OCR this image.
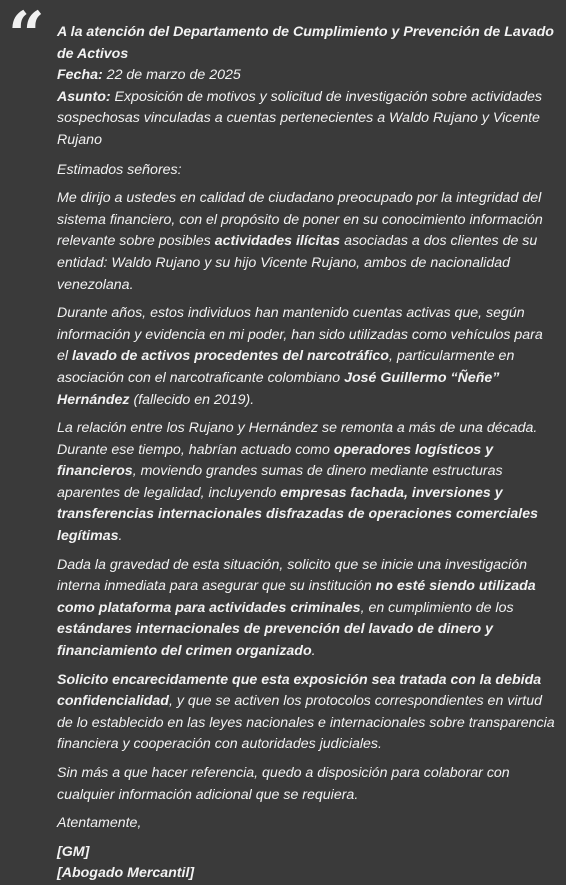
“ A la atención del Departamento de Cumplimiento y Prevención de Lavado de Activos

Fecha: 22 de marzo de 2025

Asunto: Exposición de motivos y solicitud de investigación sobre actividades sospechosas vinculadas a cuentas pertenecientes a Waldo Rujano y Vicente Rujano

Estimados señores:

Me dirijo a ustedes en calidad de ciudadano preocupado por la integridad del sistema financiero, con el propósito de poner en su conocimiento información relevante sobre posibles actividades ilícitas asociadas a dos clientes de su entidad: Waldo Rujano y su hijo Vicente Rujano, ambos de nacionalidad venezolana.

Durante años, estos individuos han mantenido cuentas activas que, según información y evidencia en mi poder, han sido utilizadas como vehículos para el lavado de activos procedentes del narcotráfico, particularmente en asociación con el narcotraficante colombiano José Guillermo “Ñeñe” Hernández (fallecido en 2019).

La relación entre los Rujano y Hernández se remonta a más de una década. Durante ese tiempo, habrían actuado como operadores logísticos y financieros, moviendo grandes sumas de dinero mediante estructuras aparentes de legalidad, incluyendo empresas fachada, inversiones y transferencias internacionales disfrazadas de operaciones comerciales legítimas.

Dada la gravedad de esta situación, solicito que se inicie una investigación interna inmediata para asegurar que su institución no esté siendo utilizada como plataforma para actividades criminales, en cumplimiento de los estándares internacionales de prevención del lavado de dinero y financiamiento del crimen organizado.

Solicito encarecidamente que esta exposición sea tratada con la debida confidencialidad, y que se activen los protocolos correspondientes en virtud de lo establecido en las leyes nacionales e internacionales sobre transparencia financiera y cooperación con autoridades judiciales.

Sin más a que hacer referencia, quedo a disposición para colaborar con cualquier información adicional que se requiera.

Atentamente,

[GM]

[Abogado Mercantil]
